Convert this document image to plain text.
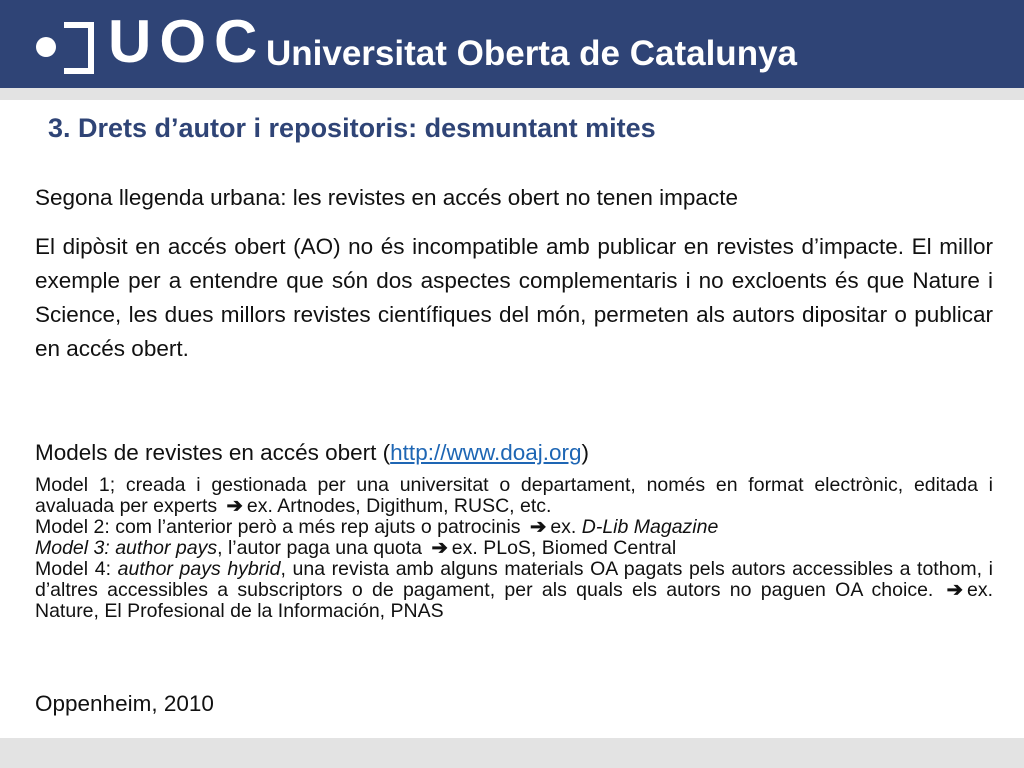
UOC Universitat Oberta de Catalunya
3. Drets d’autor i repositoris: desmuntant mites
Segona llegenda urbana: les revistes en accés obert no tenen impacte
El dipòsit en accés obert (AO) no és incompatible amb publicar en revistes d’impacte. El millor exemple per a entendre que són dos aspectes complementaris i no excloents és que Nature i Science, les dues millors revistes científiques del món, permeten als autors dipositar o publicar en accés obert.
Models de revistes en accés obert (http://www.doaj.org)
Model 1; creada i gestionada per una universitat o departament, només en format electrònic, editada i avaluada per experts ➔ ex. Artnodes, Digithum, RUSC, etc.
Model 2: com l’anterior però a més rep ajuts o patrocinis ➔ ex. D-Lib Magazine
Model 3: author pays, l’autor paga una quota ➔ ex. PLoS, Biomed Central
Model 4: author pays hybrid, una revista amb alguns materials OA pagats pels autors accessibles a tothom, i d’altres accessibles a subscriptors o de pagament, per als quals els autors no paguen OA choice. ➔ ex. Nature, El Profesional de la Información, PNAS
Oppenheim, 2010
